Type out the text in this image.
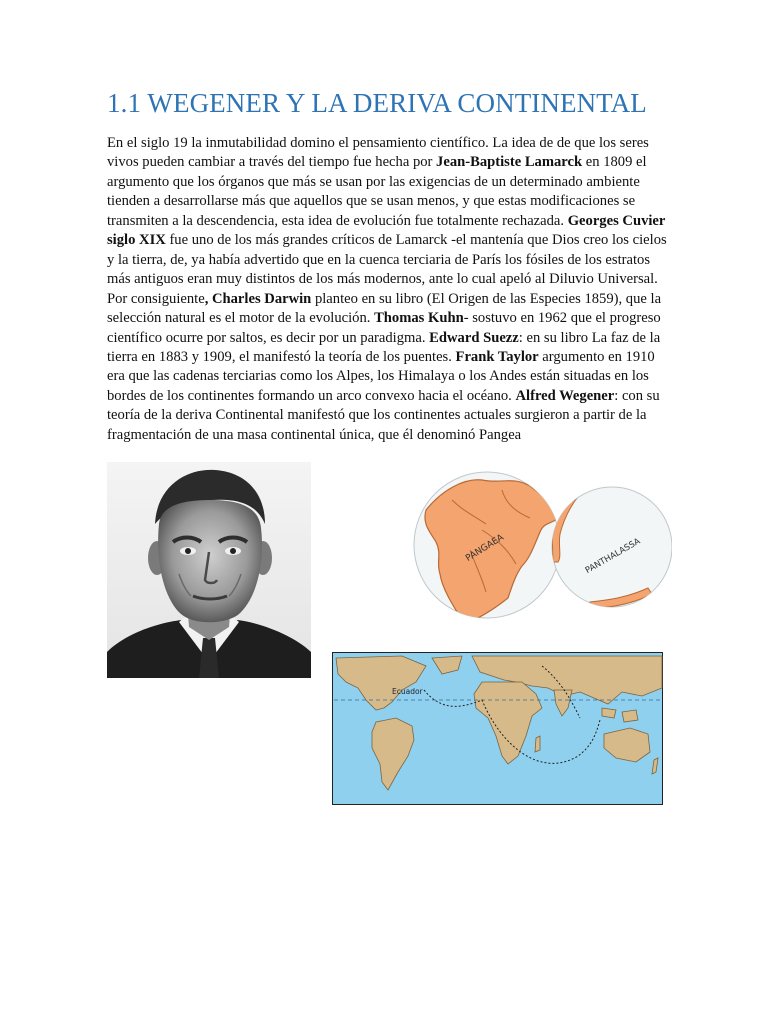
1.1 WEGENER Y LA DERIVA CONTINENTAL

En el siglo 19 la inmutabilidad domino el pensamiento científico. La idea de de que los seres vivos pueden cambiar a través del tiempo fue hecha por Jean-Baptiste Lamarck en 1809 el argumento que los órganos que más se usan por las exigencias de un determinado ambiente tienden a desarrollarse más que aquellos que se usan menos, y que estas modificaciones se transmiten a la descendencia, esta idea de evolución fue totalmente rechazada. Georges Cuvier siglo XIX fue uno de los más grandes críticos de Lamarck -el mantenía que Dios creo los cielos y la tierra, de, ya había advertido que en la cuenca terciaria de París los fósiles de los estratos más antiguos eran muy distintos de los más modernos, ante lo cual apeló al Diluvio Universal. Por consiguiente, Charles Darwin planteo en su libro (El Origen de las Especies 1859), que la selección natural es el motor de la evolución. Thomas Kuhn- sostuvo en 1962 que el progreso científico ocurre por saltos, es decir por un paradigma. Edward Suezz: en su libro La faz de la tierra en 1883 y 1909, el manifestó la teoría de los puentes. Frank Taylor argumento en 1910 era que las cadenas terciarias como los Alpes, los Himalaya o los Andes están situadas en los bordes de los continentes formando un arco convexo hacia el océano. Alfred Wegener: con su teoría de la deriva Continental manifestó que los continentes actuales surgieron a partir de la fragmentación de una masa continental única, que él denominó Pangea

PANGAEA	PANTHALASSA
Ecuador
